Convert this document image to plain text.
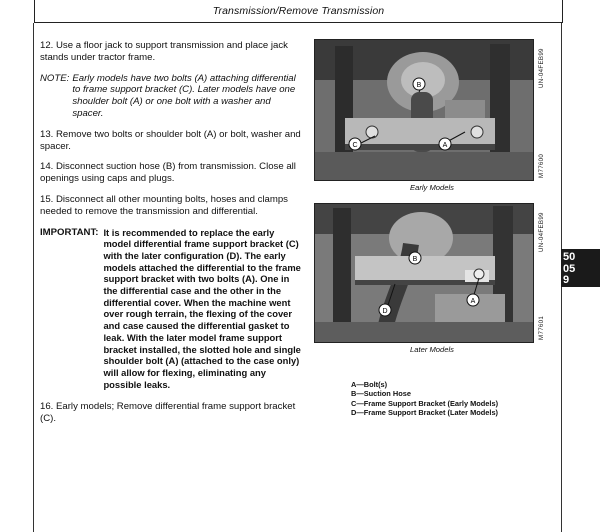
Transmission/Remove Transmission

12. Use a floor jack to support transmission and place jack stands under tractor frame.

NOTE: Early models have two bolts (A) attaching differential to frame support bracket (C). Later models have one shoulder bolt (A) or one bolt with a washer and spacer.

13. Remove two bolts or shoulder bolt (A) or bolt, washer and spacer.

14. Disconnect suction hose (B) from transmission. Close all openings using caps and plugs.

15. Disconnect all other mounting bolts, hoses and clamps needed to remove the transmission and differential.

IMPORTANT: It is recommended to replace the early model differential frame support bracket (C) with the later configuration (D). The early models attached the differential to the frame support bracket with two bolts (A). One in the differential case and the other in the differential cover. When the machine went over rough terrain, the flexing of the cover and case caused the differential gasket to leak. With the later model frame support bracket installed, the slotted hole and single shoulder bolt (A) (attached to the case only) will allow for flexing, eliminating any possible leaks.

16. Early models; Remove differential frame support bracket (C).

B
A
C
UN-04FEB99
M77600
Early Models
B
A
D
UN-04FEB99
M77601
Later Models
A—Bolt(s)
B—Suction Hose
C—Frame Support Bracket (Early Models)
D—Frame Support Bracket (Later Models)
50
05
9
